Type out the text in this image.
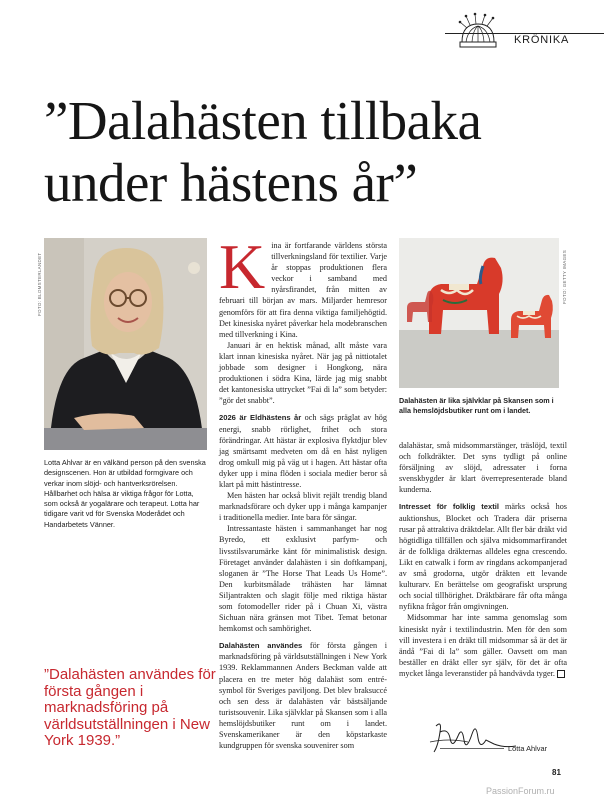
KRÖNIKA
”Dalahästen tillbaka
under hästens år”
FOTO: BLOMSTERLANDET
Lotta Ahlvar är en välkänd person på den svenska designscenen. Hon är utbildad formgivare och verkar inom slöjd- och hantverksrörelsen. Hållbarhet och hälsa är viktiga frågor för Lotta, som också är yogalärare och terapeut. Lotta har tidigare varit vd för Svenska Moderådet och Handarbetets Vänner.
”Dalahästen användes för första gången i marknadsföring på världsutställningen i New York 1939.”

Kina är fortfarande världens största tillverkningsland för textilier. Varje år stoppas produktionen flera veckor i samband med nyårsfirandet, från mitten av februari till början av mars. Miljarder hemresor genomförs för att fira denna viktiga familjehögtid. Det kinesiska nyåret påverkar hela modebranschen med tillverkning i Kina.

Januari är en hektisk månad, allt måste vara klart innan kinesiska nyåret. När jag på nittiotalet jobbade som designer i Hongkong, nära produktionen i södra Kina, lärde jag mig snabbt det kantonesiska uttrycket ”Fai di la” som betyder: ”gör det snabbt”.

2026 är Eldhästens år och sägs präglat av hög energi, snabb rörlighet, frihet och stora förändringar. Att hästar är explosiva flyktdjur blev jag smärtsamt medveten om då en häst nyligen drog omkull mig på väg ut i hagen. Att hästar ofta dyker upp i mina flöden i sociala medier beror så klart på mitt hästintresse.

Men hästen har också blivit rejält trendig bland marknadsförare och dyker upp i många kampanjer i traditionella medier. Inte bara för sängar.

Intressantaste hästen i sammanhanget har nog Byredo, ett exklusivt parfym- och livsstilsvarumärke känt för minimalistisk design. Företaget använder dalahästen i sin doftkampanj, sloganen är ”The Horse That Leads Us Home”. Den kurbitsmålade trähästen har lämnat Siljantrakten och slagit följe med riktiga hästar som fotomodeller rider på i Chuan Xi, västra Sichuan nära gränsen mot Tibet. Temat betonar hemkomst och samhörighet.

Dalahästen användes för första gången i marknadsföring på världsutställningen i New York 1939. Reklammannen Anders Beckman valde att placera en tre meter hög dalahäst som entré-symbol för Sveriges paviljong. Det blev braksuccé och sen dess är dalahästen vår bästsäljande turistsouvenir. Lika självklar på Skansen som i alla hemslöjdsbutiker runt om i landet. Svenskamerikaner är den köpstarkaste kundgruppen för svenska souvenirer som

FOTO: GETTY IMAGES
Dalahästen är lika självklar på Skansen som i alla hemslöjdsbutiker runt om i landet.

dalahästar, små midsommarstänger, träslöjd, textil och folkdräkter. Det syns tydligt på online försäljning av slöjd, adressater i forna svenskbygder är klart överrepresenterade bland kunderna.

Intresset för folklig textil märks också hos auktionshus, Blocket och Tradera där priserna rusar på attraktiva dräktdelar. Allt fler bär dräkt vid högtidliga tillfällen och själva midsommarfirandet är de folkliga dräkternas alldeles egna crescendo. Likt en catwalk i form av ringdans ackompanjerad av små grodorna, utgör dräkten ett levande kulturarv. En berättelse om geografiskt ursprung och social tillhörighet. Dräktbärare får ofta många nyfikna frågor från omgivningen.

Midsommar har inte samma genomslag som kinesiskt nyår i textilindustrin. Men för den som vill investera i en dräkt till midsommar så är det är ändå ”Fai di la” som gäller. Oavsett om man beställer en dräkt eller syr själv, för det är ofta mycket långa leveranstider på handvävda tyger.

Lotta Ahlvar
81
PassionForum.ru
